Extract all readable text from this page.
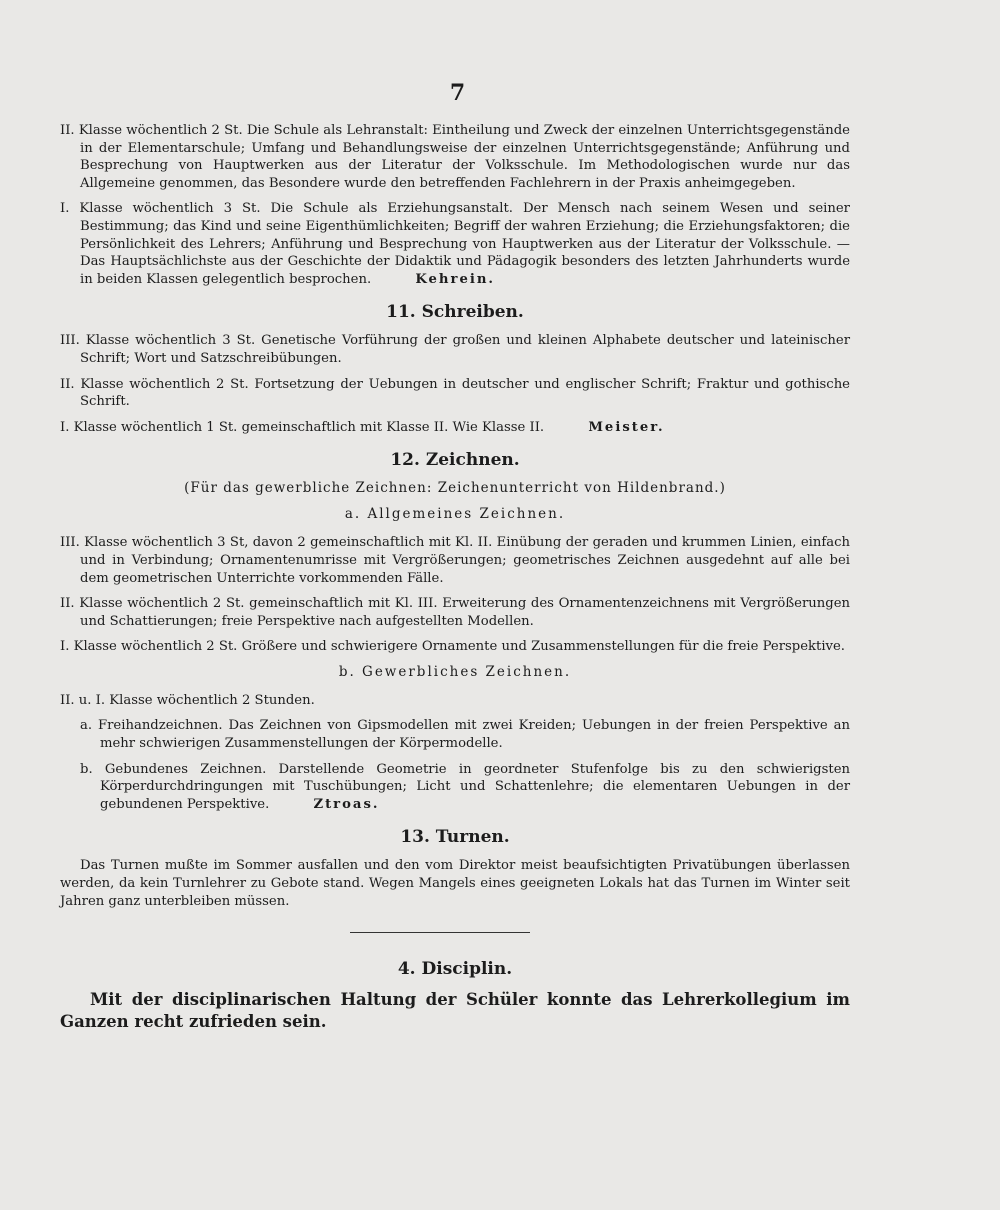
7
II. Klasse wöchentlich 2 St. Die Schule als Lehranstalt: Eintheilung und Zweck der einzelnen Unterrichtsgegenstände in der Elementarschule; Umfang und Behandlungsweise der einzelnen Unterrichtsgegenstände; Anführung und Besprechung von Hauptwerken aus der Literatur der Volksschule. Im Methodologischen wurde nur das Allgemeine genommen, das Besondere wurde den betreffenden Fachlehrern in der Praxis anheimgegeben.
I. Klasse wöchentlich 3 St. Die Schule als Erziehungsanstalt. Der Mensch nach seinem Wesen und seiner Bestimmung; das Kind und seine Eigenthümlichkeiten; Begriff der wahren Erziehung; die Erziehungsfaktoren; die Persönlichkeit des Lehrers; Anführung und Besprechung von Hauptwerken aus der Literatur der Volksschule. — Das Hauptsächlichste aus der Geschichte der Didaktik und Pädagogik besonders des letzten Jahrhunderts wurde in beiden Klassen gelegentlich besprochen.	Kehrein.
11. Schreiben.
III. Klasse wöchentlich 3 St. Genetische Vorführung der großen und kleinen Alphabete deutscher und lateinischer Schrift; Wort und Satzschreibübungen.
II. Klasse wöchentlich 2 St. Fortsetzung der Uebungen in deutscher und englischer Schrift; Fraktur und gothische Schrift.
I. Klasse wöchentlich 1 St. gemeinschaftlich mit Klasse II. Wie Klasse II.	Meister.
12. Zeichnen.
(Für das gewerbliche Zeichnen: Zeichenunterricht von Hildenbrand.)
a. Allgemeines Zeichnen.
III. Klasse wöchentlich 3 St, davon 2 gemeinschaftlich mit Kl. II. Einübung der geraden und krummen Linien, einfach und in Verbindung; Ornamentenumrisse mit Vergrößerungen; geometrisches Zeichnen ausgedehnt auf alle bei dem geometrischen Unterrichte vorkommenden Fälle.
II. Klasse wöchentlich 2 St. gemeinschaftlich mit Kl. III. Erweiterung des Ornamentenzeichnens mit Vergrößerungen und Schattierungen; freie Perspektive nach aufgestellten Modellen.
I. Klasse wöchentlich 2 St. Größere und schwierigere Ornamente und Zusammenstellungen für die freie Perspektive.
b. Gewerbliches Zeichnen.
II. u. I. Klasse wöchentlich 2 Stunden.
a. Freihandzeichnen. Das Zeichnen von Gipsmodellen mit zwei Kreiden; Uebungen in der freien Perspektive an mehr schwierigen Zusammenstellungen der Körpermodelle.
b. Gebundenes Zeichnen. Darstellende Geometrie in geordneter Stufenfolge bis zu den schwierigsten Körperdurchdringungen mit Tuschübungen; Licht und Schattenlehre; die elementaren Uebungen in der gebundenen Perspektive.	Ztroas.
13. Turnen.
Das Turnen mußte im Sommer ausfallen und den vom Direktor meist beaufsichtigten Privatübungen überlassen werden, da kein Turnlehrer zu Gebote stand. Wegen Mangels eines geeigneten Lokals hat das Turnen im Winter seit Jahren ganz unterbleiben müssen.
4. Disciplin.
Mit der disciplinarischen Haltung der Schüler konnte das Lehrerkollegium im Ganzen recht zufrieden sein.
